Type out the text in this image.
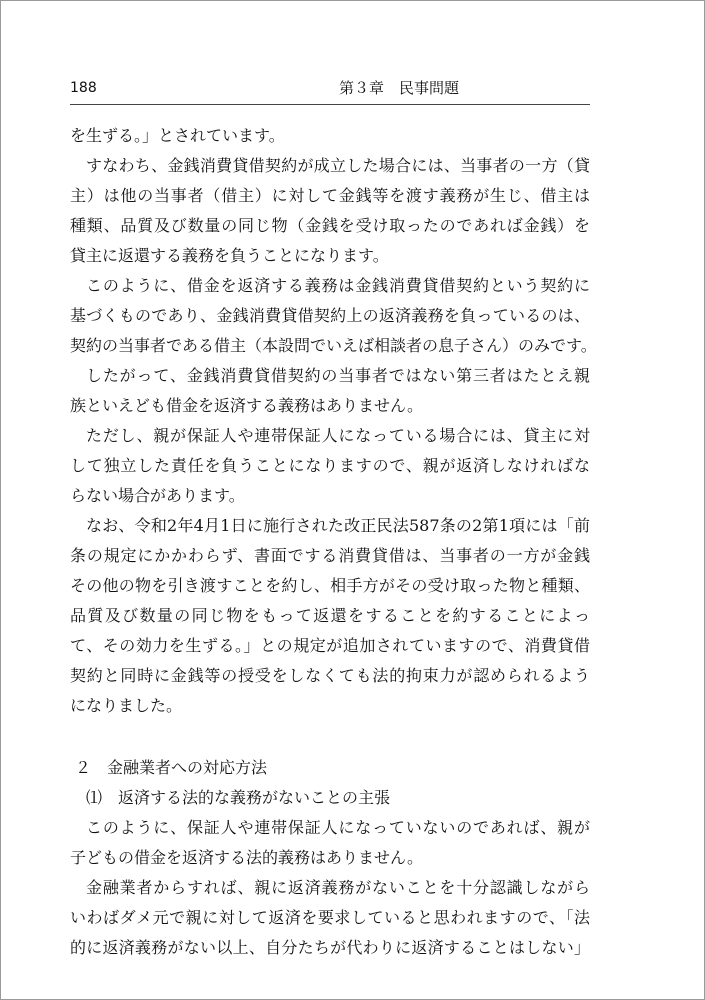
188	第３章　民事問題
を生ずる。」とされています。
すなわち、金銭消費貸借契約が成立した場合には、当事者の一方（貸
主）は他の当事者（借主）に対して金銭等を渡す義務が生じ、借主は
種類、品質及び数量の同じ物（金銭を受け取ったのであれば金銭）を
貸主に返還する義務を負うことになります。
このように、借金を返済する義務は金銭消費貸借契約という契約に
基づくものであり、金銭消費貸借契約上の返済義務を負っているのは、
契約の当事者である借主（本設問でいえば相談者の息子さん）のみです。
したがって、金銭消費貸借契約の当事者ではない第三者はたとえ親
族といえども借金を返済する義務はありません。
ただし、親が保証人や連帯保証人になっている場合には、貸主に対
して独立した責任を負うことになりますので、親が返済しなければな
らない場合があります。
なお、令和2年4月1日に施行された改正民法587条の2第1項には「前
条の規定にかかわらず、書面でする消費貸借は、当事者の一方が金銭
その他の物を引き渡すことを約し、相手方がその受け取った物と種類、
品質及び数量の同じ物をもって返還をすることを約することによっ
て、その効力を生ずる。」との規定が追加されていますので、消費貸借
契約と同時に金銭等の授受をしなくても法的拘束力が認められるよう
になりました。
２　金融業者への対応方法
⑴　返済する法的な義務がないことの主張
このように、保証人や連帯保証人になっていないのであれば、親が
子どもの借金を返済する法的義務はありません。
金融業者からすれば、親に返済義務がないことを十分認識しながら
いわばダメ元で親に対して返済を要求していると思われますので、「法
的に返済義務がない以上、自分たちが代わりに返済することはしない」
